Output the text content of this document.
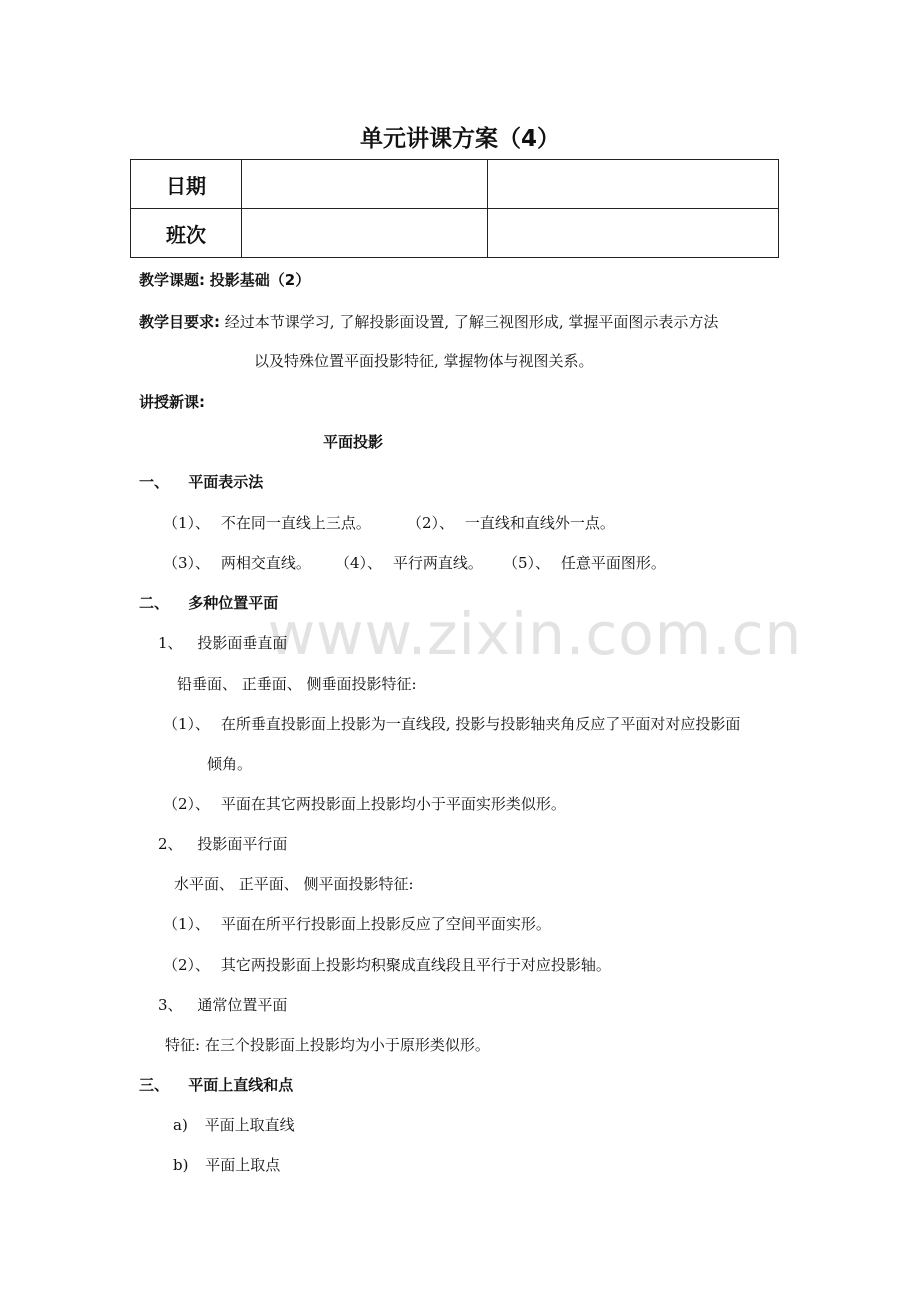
www.zixin.com.cn
单元讲课方案（4）
日期		
班次		
教学课题: 投影基础（2）
教学目要求: 经过本节课学习, 了解投影面设置, 了解三视图形成, 掌握平面图示表示方法
以及特殊位置平面投影特征, 掌握物体与视图关系。
讲授新课:
平面投影
一、 平面表示法
（1）、 不在同一直线上三点。 （2）、 一直线和直线外一点。
（3）、 两相交直线。 （4）、 平行两直线。 （5）、 任意平面图形。
二、 多种位置平面
1、 投影面垂直面
铅垂面、 正垂面、 侧垂面投影特征:
（1）、 在所垂直投影面上投影为一直线段, 投影与投影轴夹角反应了平面对对应投影面
倾角。
（2）、 平面在其它两投影面上投影均小于平面实形类似形。
2、 投影面平行面
水平面、 正平面、 侧平面投影特征:
（1）、 平面在所平行投影面上投影反应了空间平面实形。
（2）、 其它两投影面上投影均积聚成直线段且平行于对应投影轴。
3、 通常位置平面
特征: 在三个投影面上投影均为小于原形类似形。
三、 平面上直线和点
a) 平面上取直线
b) 平面上取点
